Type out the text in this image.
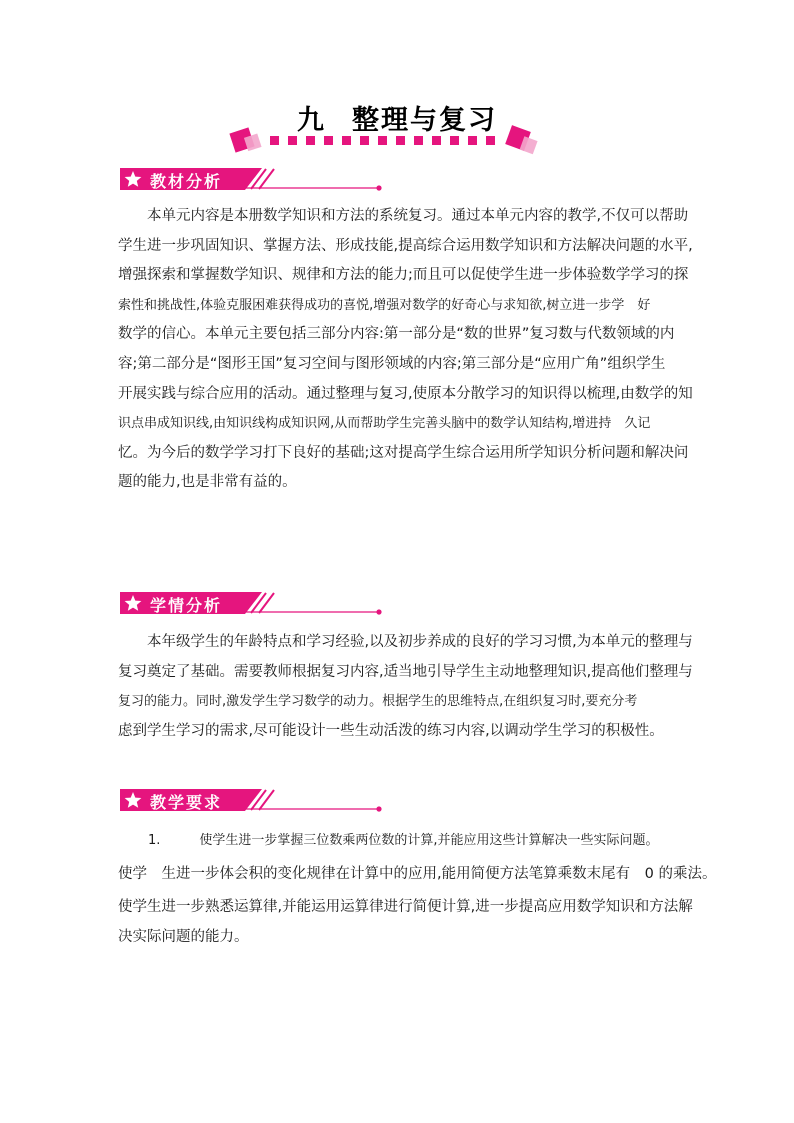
九 整理与复习
教材分析
本单元内容是本册数学知识和方法的系统复习。通过本单元内容的教学,不仅可以帮助
学生进一步巩固知识、掌握方法、形成技能,提高综合运用数学知识和方法解决问题的水平,
增强探索和掌握数学知识、规律和方法的能力;而且可以促使学生进一步体验数学学习的探
索性和挑战性,体验克服困难获得成功的喜悦,增强对数学的好奇心与求知欲,树立进一步学　好
数学的信心。本单元主要包括三部分内容:第一部分是“数的世界”复习数与代数领域的内
容;第二部分是“图形王国”复习空间与图形领域的内容;第三部分是“应用广角”组织学生
开展实践与综合应用的活动。通过整理与复习,使原本分散学习的知识得以梳理,由数学的知
识点串成知识线,由知识线构成知识网,从而帮助学生完善头脑中的数学认知结构,增进持　久记
忆。为今后的数学学习打下良好的基础;这对提高学生综合运用所学知识分析问题和解决问
题的能力,也是非常有益的。
学情分析
本年级学生的年龄特点和学习经验,以及初步养成的良好的学习习惯,为本单元的整理与
复习奠定了基础。需要教师根据复习内容,适当地引导学生主动地整理知识,提高他们整理与
复习的能力。同时,激发学生学习数学的动力。根据学生的思维特点,在组织复习时,要充分考
虑到学生学习的需求,尽可能设计一些生动活泼的练习内容,以调动学生学习的积极性。
教学要求
1.　　　使学生进一步掌握三位数乘两位数的计算,并能应用这些计算解决一些实际问题。
使学　生进一步体会积的变化规律在计算中的应用,能用简便方法笔算乘数末尾有　0 的乘法。
使学生进一步熟悉运算律,并能运用运算律进行简便计算,进一步提高应用数学知识和方法解
决实际问题的能力。
